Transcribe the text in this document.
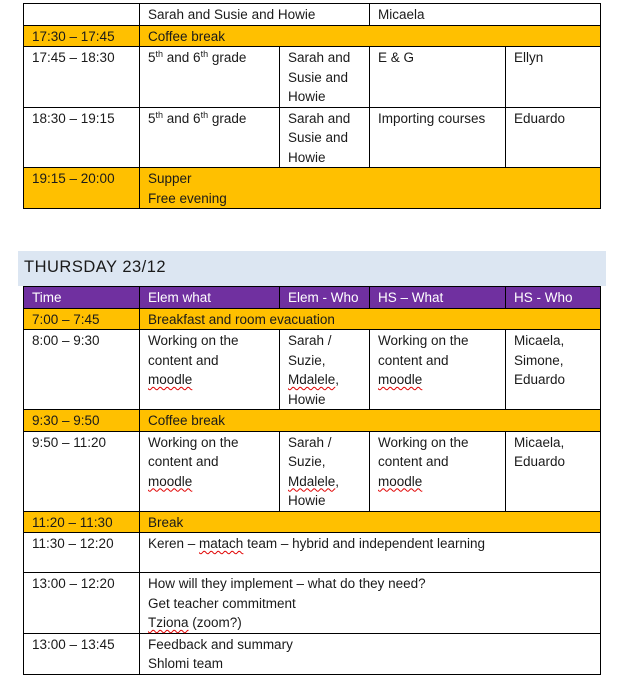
	Sarah and Susie and Howie		Micaela	
17:30 – 17:45	Coffee break			
17:45 – 18:30	5th and 6th grade	Sarah and
Susie and
Howie	E & G	Ellyn
18:30 – 19:15	5th and 6th grade	Sarah and
Susie and
Howie	Importing courses	Eduardo
19:15 – 20:00	Supper
Free evening			
THURSDAY 23/12
Time	Elem what	Elem - Who	HS – What	HS - Who
7:00 – 7:45	Breakfast and room evacuation			
8:00 – 9:30	Working on the
content and
moodle	Sarah /
Suzie,
Mdalele,
Howie	Working on the
content and
moodle	Micaela,
Simone,
Eduardo
9:30 – 9:50	Coffee break			
9:50 – 11:20	Working on the
content and
moodle	Sarah /
Suzie,
Mdalele,
Howie	Working on the
content and
moodle	Micaela,
Eduardo
11:20 – 11:30	Break			
11:30 – 12:20	Keren – matach team – hybrid and independent learning			
13:00 – 12:20	How will they implement – what do they need?
Get teacher commitment
Tziona (zoom?)			
13:00 – 13:45	Feedback and summary
Shlomi team			
